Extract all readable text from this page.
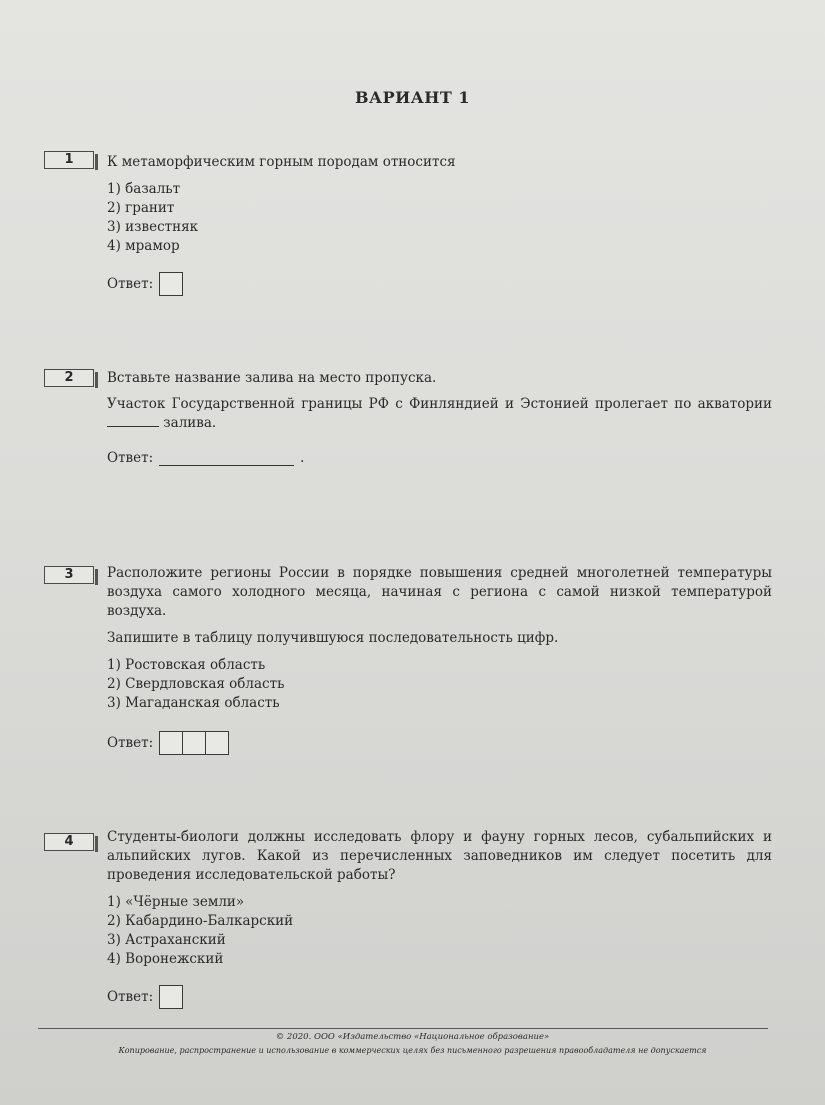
ВАРИАНТ 1
1	К метаморфическим горным породам относится

1) базальт
2) гранит
3) известняк
4) мрамор
Ответ:
2	Вставьте название залива на место пропуска.

Участок Государственной границы РФ с Финляндией и Эстонией пролегает по акватории  залива.

Ответ:	.
3	Расположите регионы России в порядке повышения средней многолетней температуры воздуха самого холодного месяца, начиная с региона с самой низкой температурой воздуха.

Запишите в таблицу получившуюся последовательность цифр.

1) Ростовская область
2) Свердловская область
3) Магаданская область
Ответ:
4	Студенты-биологи должны исследовать флору и фауну горных лесов, субальпийских и альпийских лугов. Какой из перечисленных заповедников им следует посетить для проведения исследовательской работы?

1) «Чёрные земли»
2) Кабардино-Балкарский
3) Астраханский
4) Воронежский
Ответ:
© 2020. ООО «Издательство «Национальное образование»
Копирование, распространение и использование в коммерческих целях без письменного разрешения правообладателя не допускается
